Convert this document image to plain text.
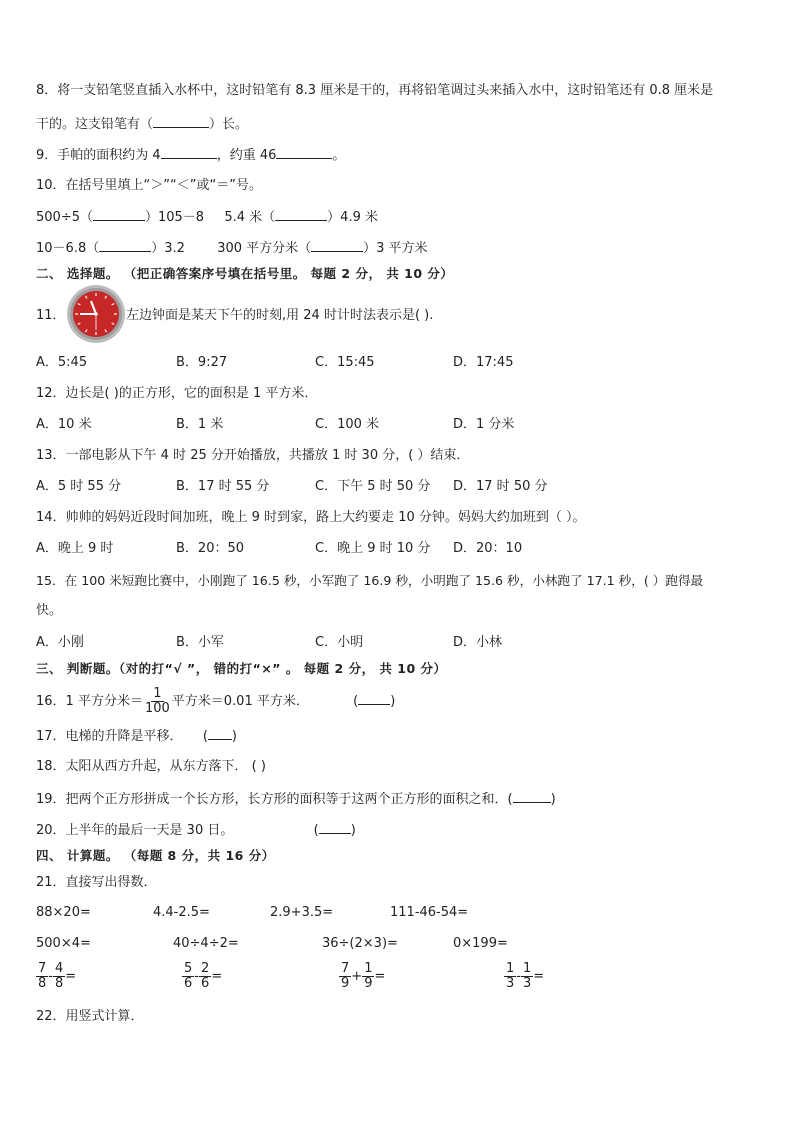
8．将一支铅笔竖直插入水杯中，这时铅笔有 8.3 厘米是干的，再将铅笔调过头来插入水中，这时铅笔还有 0.8 厘米是
干的。这支铅笔有（	）长。
9．手帕的面积约为 4	，约重 46	。
10．在括号里填上“＞”“＜”或“＝”号。
500÷5（	）105－8 5.4 米（	）4.9 米
10－6.8（	）3.2 300 平方分米（	）3 平方米
二、 选择题。 （把正确答案序号填在括号里。 每题 2 分， 共 10 分）
11．	左边钟面是某天下午的时刻,用 24 时计时法表示是( ).
A．5:45	B．9:27	C．15:45	D．17:45
12．边长是( )的正方形，它的面积是 1 平方米．
A．10 米	B．1 米	C．100 米	D．1 分米
13．一部电影从下午 4 时 25 分开始播放，共播放 1 时 30 分，( ）结束．
A．5 时 55 分	B．17 时 55 分	C．下午 5 时 50 分 D．17 时 50 分
14．帅帅的妈妈近段时间加班，晚上 9 时到家，路上大约要走 10 分钟。妈妈大约加班到（ ）。
A．晚上 9 时	B．20：50	C．晚上 9 时 10 分 D．20：10
15．在 100 米短跑比赛中，小刚跑了 16.5 秒，小军跑了 16.9 秒，小明跑了 15.6 秒，小林跑了 17.1 秒，( ）跑得最
快。
A．小刚	B．小军	C．小明	D．小林
三、 判断题。（对的打“√ ”， 错的打“×” 。 每题 2 分， 共 10 分）
16．1 平方分米＝ $\frac{1}{100}$ 平方米＝0.01 平方米．	( )
17．电梯的升降是平移． ( )
18．太阳从西方升起，从东方落下． ( )
19．把两个正方形拼成一个长方形，长方形的面积等于这两个正方形的面积之和．(	)
20．上半年的最后一天是 30 日。	( )
四、 计算题。 （每题 8 分，共 16 分）
21．直接写出得数．
88×20=	4.4-2.5=	2.9+3.5=	111-46-54=
500×4=	40÷4÷2=	36÷(2×3)=	0×199=
$\frac{7}{8} - \frac{4}{8}$ =	$\frac{5}{6} - \frac{2}{6}$ =	$\frac{7}{9} + \frac{1}{9}$ =	$\frac{1}{3} - \frac{1}{3}$ =
22．用竖式计算．
